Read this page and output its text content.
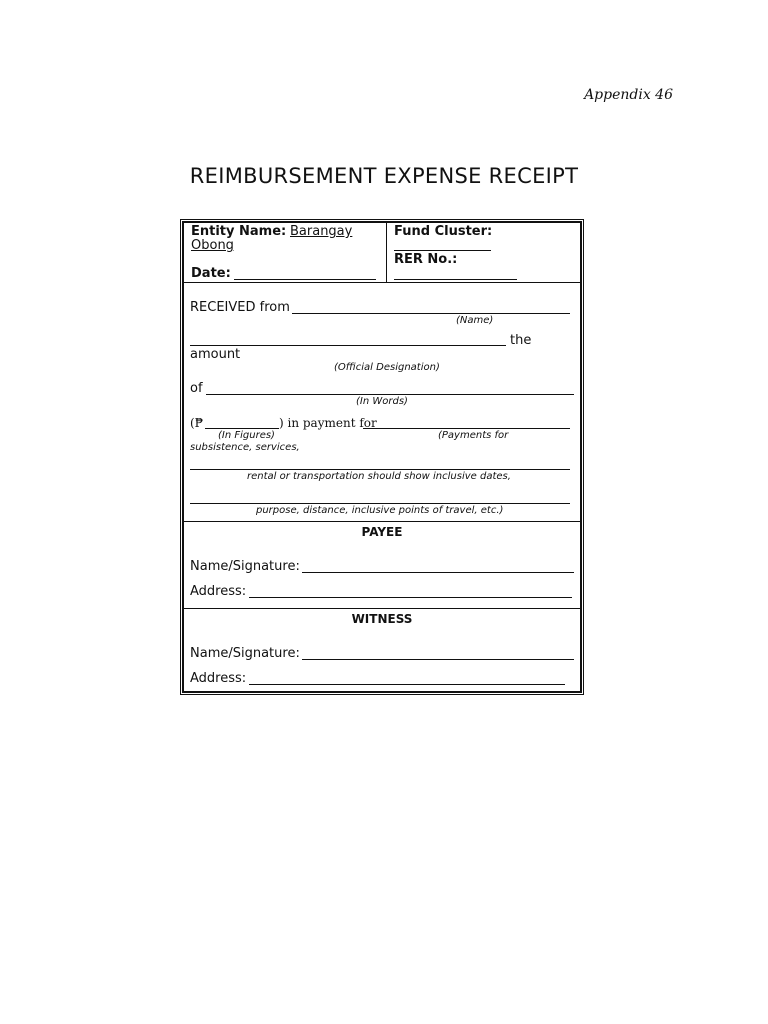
Appendix 46
REIMBURSEMENT EXPENSE RECEIPT
Entity Name: Barangay
Obong
Date:
Fund Cluster:
RER No.:
RECEIVED from
(Name)
the
amount
(Official Designation)
of
(In Words)
(₱	) in payment for
(In Figures)	(Payments for
subsistence, services,
rental or transportation should show inclusive dates,
purpose, distance, inclusive points of travel, etc.)
PAYEE
Name/Signature:
Address:
WITNESS
Name/Signature:
Address:
